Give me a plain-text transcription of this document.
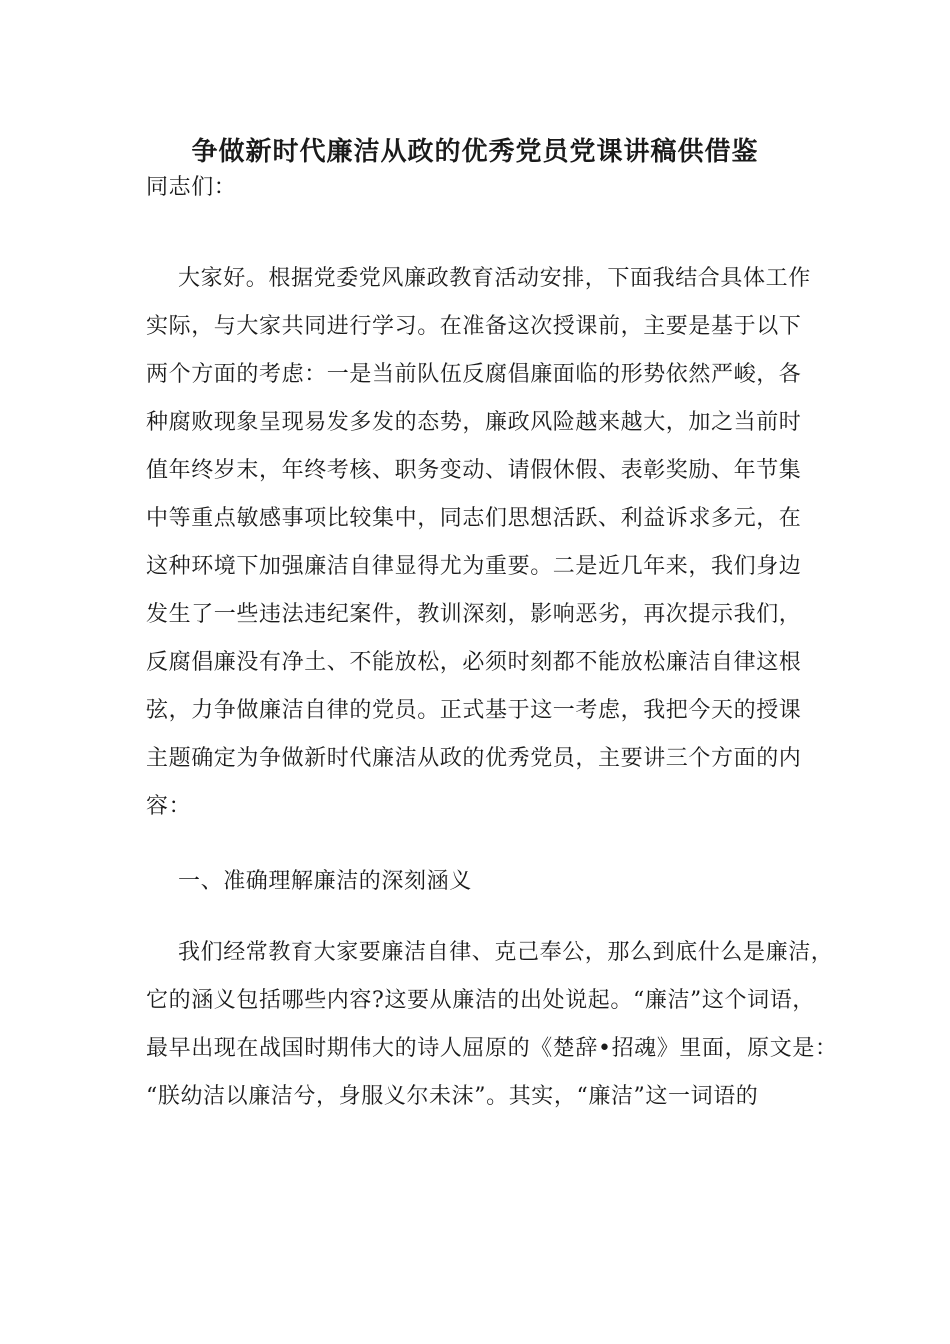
争做新时代廉洁从政的优秀党员党课讲稿供借鉴
同志们：
大家好。根据党委党风廉政教育活动安排，下面我结合具体工作
实际，与大家共同进行学习。在准备这次授课前，主要是基于以下
两个方面的考虑：一是当前队伍反腐倡廉面临的形势依然严峻，各
种腐败现象呈现易发多发的态势，廉政风险越来越大，加之当前时
值年终岁末，年终考核、职务变动、请假休假、表彰奖励、年节集
中等重点敏感事项比较集中，同志们思想活跃、利益诉求多元，在
这种环境下加强廉洁自律显得尤为重要。二是近几年来，我们身边
发生了一些违法违纪案件，教训深刻，影响恶劣，再次提示我们，
反腐倡廉没有净土、不能放松，必须时刻都不能放松廉洁自律这根
弦，力争做廉洁自律的党员。正式基于这一考虑，我把今天的授课
主题确定为争做新时代廉洁从政的优秀党员，主要讲三个方面的内
容：
一、准确理解廉洁的深刻涵义
我们经常教育大家要廉洁自律、克己奉公，那么到底什么是廉洁，
它的涵义包括哪些内容?这要从廉洁的出处说起。“廉洁”这个词语，
最早出现在战国时期伟大的诗人屈原的《楚辞•招魂》里面，原文是：
“朕幼洁以廉洁兮，身服义尔未沫”。其实，“廉洁”这一词语的
